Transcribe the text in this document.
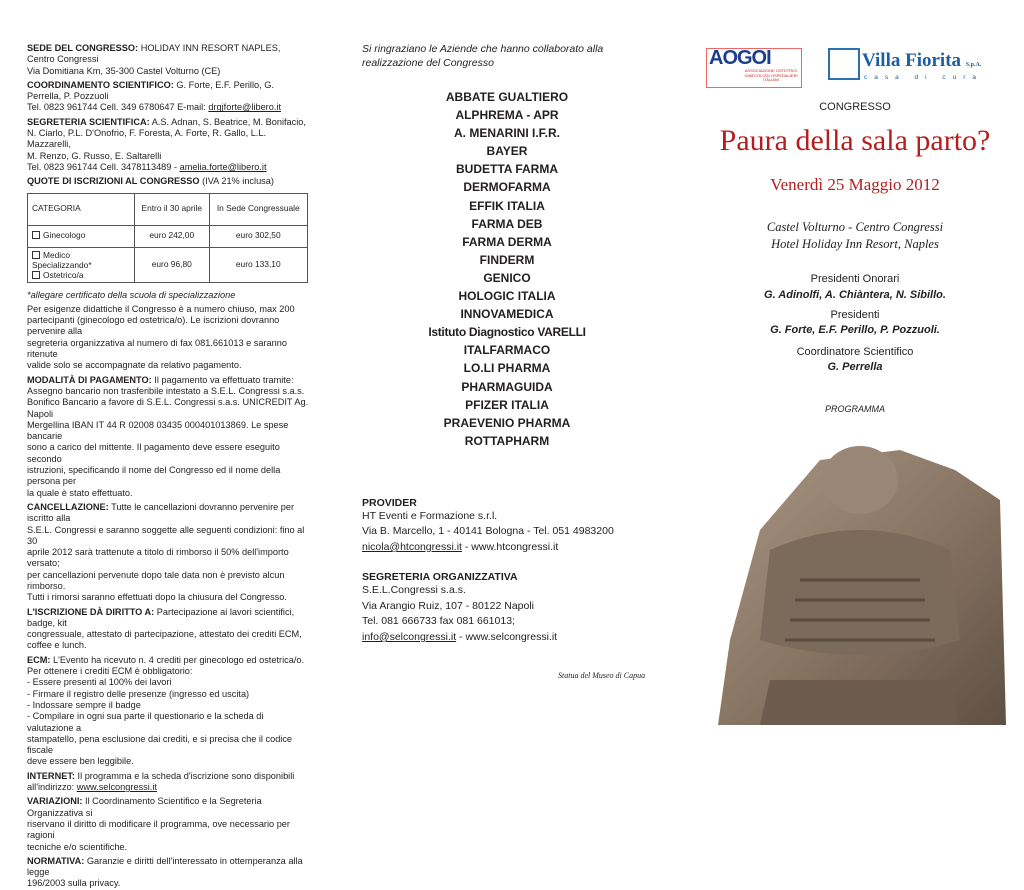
SEDE DEL CONGRESSO: HOLIDAY INN RESORT NAPLES, Centro Congressi

Via Domitiana Km, 35-300 Castel Volturno (CE)

COORDINAMENTO SCIENTIFICO: G. Forte, E.F. Perillo, G. Perrella, P. Pozzuoli

Tel. 0823 961744 Cell. 349 6780647 E-mail: drgjforte@libero.it

SEGRETERIA SCIENTIFICA: A.S. Adnan, S. Beatrice, M. Bonifacio,

N. Ciarlo, P.L. D'Onofrio, F. Foresta, A. Forte, R. Gallo, L.L. Mazzarelli,

M. Renzo, G. Russo, E. Saltarelli

Tel. 0823 961744 Cell. 3478113489 - amelia.forte@libero.it

QUOTE DI ISCRIZIONI AL CONGRESSO (IVA 21% inclusa)

CATEGORIA	Entro il 30 aprile	In Sede Congressuale
Ginecologo	euro 242,00	euro 302,50

Medico Specializzando*
Ostetrico/a	euro 96,80	euro 133,10

*allegare certificato della scuola di specializzazione

Per esigenze didattiche il Congresso è a numero chiuso, max 200

partecipanti (ginecologo ed ostetrica/o). Le iscrizioni dovranno pervenire alla

segreteria organizzativa al numero di fax 081.661013 e saranno ritenute

valide solo se accompagnate da relativo pagamento.

MODALITÀ DI PAGAMENTO: Il pagamento va effettuato tramite:

Assegno bancario non trasferibile intestato a S.E.L. Congressi s.a.s.

Bonifico Bancario a favore di S.E.L. Congressi s.a.s. UNICREDIT Ag. Napoli

Mergellina IBAN IT 44 R 02008 03435 000401013869. Le spese bancarie

sono a carico del mittente. Il pagamento deve essere eseguito secondo

istruzioni, specificando il nome del Congresso ed il nome della persona per

la quale è stato effettuato.

CANCELLAZIONE: Tutte le cancellazioni dovranno pervenire per iscritto alla

S.E.L. Congressi e saranno soggette alle seguenti condizioni: fino al 30

aprile 2012 sarà trattenute a titolo di rimborso il 50% dell'importo versato;

per cancellazioni pervenute dopo tale data non è previsto alcun rimborso.

Tutti i rimorsi saranno effettuati dopo la chiusura del Congresso.

L'ISCRIZIONE DÀ DIRITTO A: Partecipazione ai lavori scientifici, badge, kit

congressuale, attestato di partecipazione, attestato dei crediti ECM, coffee e lunch.

ECM: L'Evento ha ricevuto n. 4 crediti per ginecologo ed ostetrica/o.

Per ottenere i crediti ECM è obbligatorio:

- Essere presenti al 100% dei lavori

- Firmare il registro delle presenze (ingresso ed uscita)

- Indossare sempre il badge

- Compilare in ogni sua parte il questionario e la scheda di valutazione a

stampatello, pena esclusione dai crediti, e si precisa che il codice fiscale

deve essere ben leggibile.

INTERNET: Il programma e la scheda d'iscrizione sono disponibili

all'indirizzo: www.selcongressi.it

VARIAZIONI: Il Coordinamento Scientifico e la Segreteria Organizzativa si

riservano il diritto di modificare il programma, ove necessario per ragioni

tecniche e/o scientifiche.

NORMATIVA: Garanzie e diritti dell'interessato in ottemperanza alla legge

196/2003 sulla privacy.

Si ringraziano le Aziende che hanno collaborato alla
realizzazione del Congresso
ABBATE GUALTIERO
ALPHREMA - APR
A. MENARINI I.F.R.
BAYER
BUDETTA FARMA
DERMOFARMA
EFFIK ITALIA
FARMA DEB
FARMA DERMA
FINDERM
GENICO
HOLOGIC ITALIA
INNOVAMEDICA
Istituto Diagnostico VARELLI
ITALFARMACO
LO.LI PHARMA
PHARMAGUIDA
PFIZER ITALIA
PRAEVENIO PHARMA
ROTTAPHARM
PROVIDER
HT Eventi e Formazione s.r.l.
Via B. Marcello, 1 - 40141 Bologna - Tel. 051 4983200
nicola@htcongressi.it - www.htcongressi.it
SEGRETERIA ORGANIZZATIVA
S.E.L.Congressi s.a.s.
Via Arangio Ruiz, 107 - 80122 Napoli
Tel. 081 666733 fax 081 661013;
info@selcongressi.it - www.selcongressi.it
Statua del Museo di Capua
AOGOI
ASSOCIAZIONE OSTETRICI GINECOLOGI OSPEDALIERI ITALIANI
Villa Fiorita S.p.A.
casa di cura
CONGRESSO
Paura della sala parto?
Venerdì 25 Maggio 2012
Castel Volturno - Centro Congressi
Hotel Holiday Inn Resort, Naples
Presidenti Onorari
G. Adinolfi, A. Chiàntera, N. Sibillo.
Presidenti
G. Forte, E.F. Perillo, P. Pozzuoli.
Coordinatore Scientifico
G. Perrella
PROGRAMMA
